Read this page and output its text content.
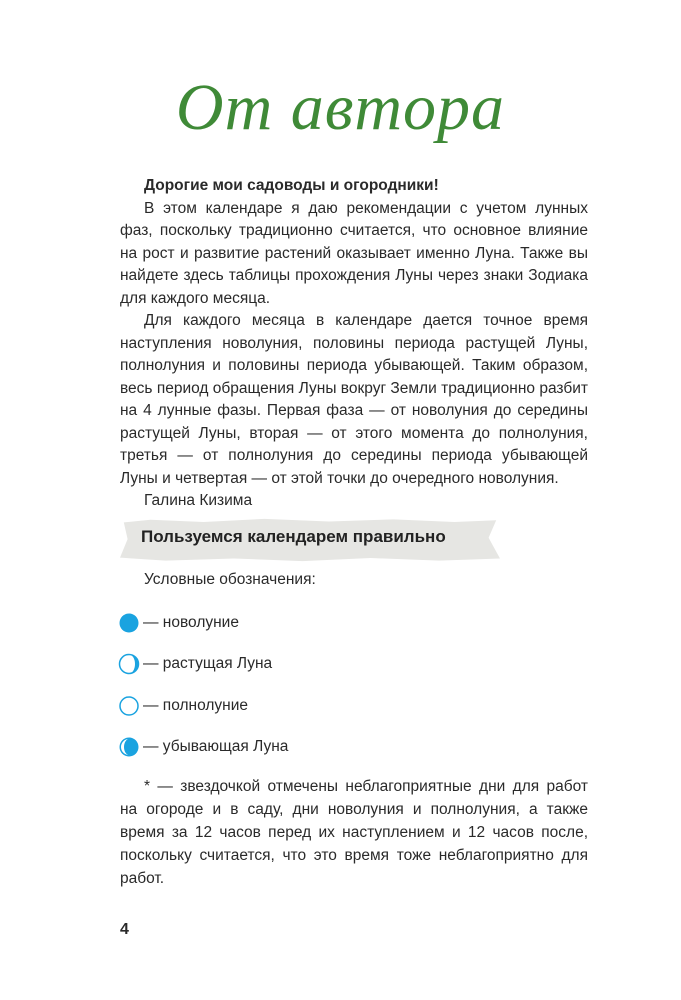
От автора

Дорогие мои садоводы и огородники!

В этом календаре я даю рекомендации с учетом лунных фаз, поскольку традиционно считается, что основное влияние на рост и развитие растений оказывает именно Луна. Также вы найдете здесь таблицы прохождения Луны через знаки Зодиака для каждого месяца.

Для каждого месяца в календаре дается точное время наступления новолуния, половины периода растущей Луны, полнолуния и половины периода убывающей. Таким образом, весь период обращения Луны вокруг Земли традиционно разбит на 4 лунные фазы. Первая фаза — от новолуния до середины растущей Луны, вторая — от этого момента до полнолуния, третья — от полнолуния до середины периода убывающей Луны и четвертая — от этой точки до очередного новолуния.

Галина Кизима

Пользуемся календарем правильно
Условные обозначения:
— новолуние
— растущая Луна
— полнолуние
— убывающая Луна

* — звездочкой отмечены неблагоприятные дни для работ на огороде и в саду, дни новолуния и полнолуния, а также время за 12 часов перед их наступлением и 12 часов после, поскольку считается, что это время тоже неблагоприятно для работ.

4
